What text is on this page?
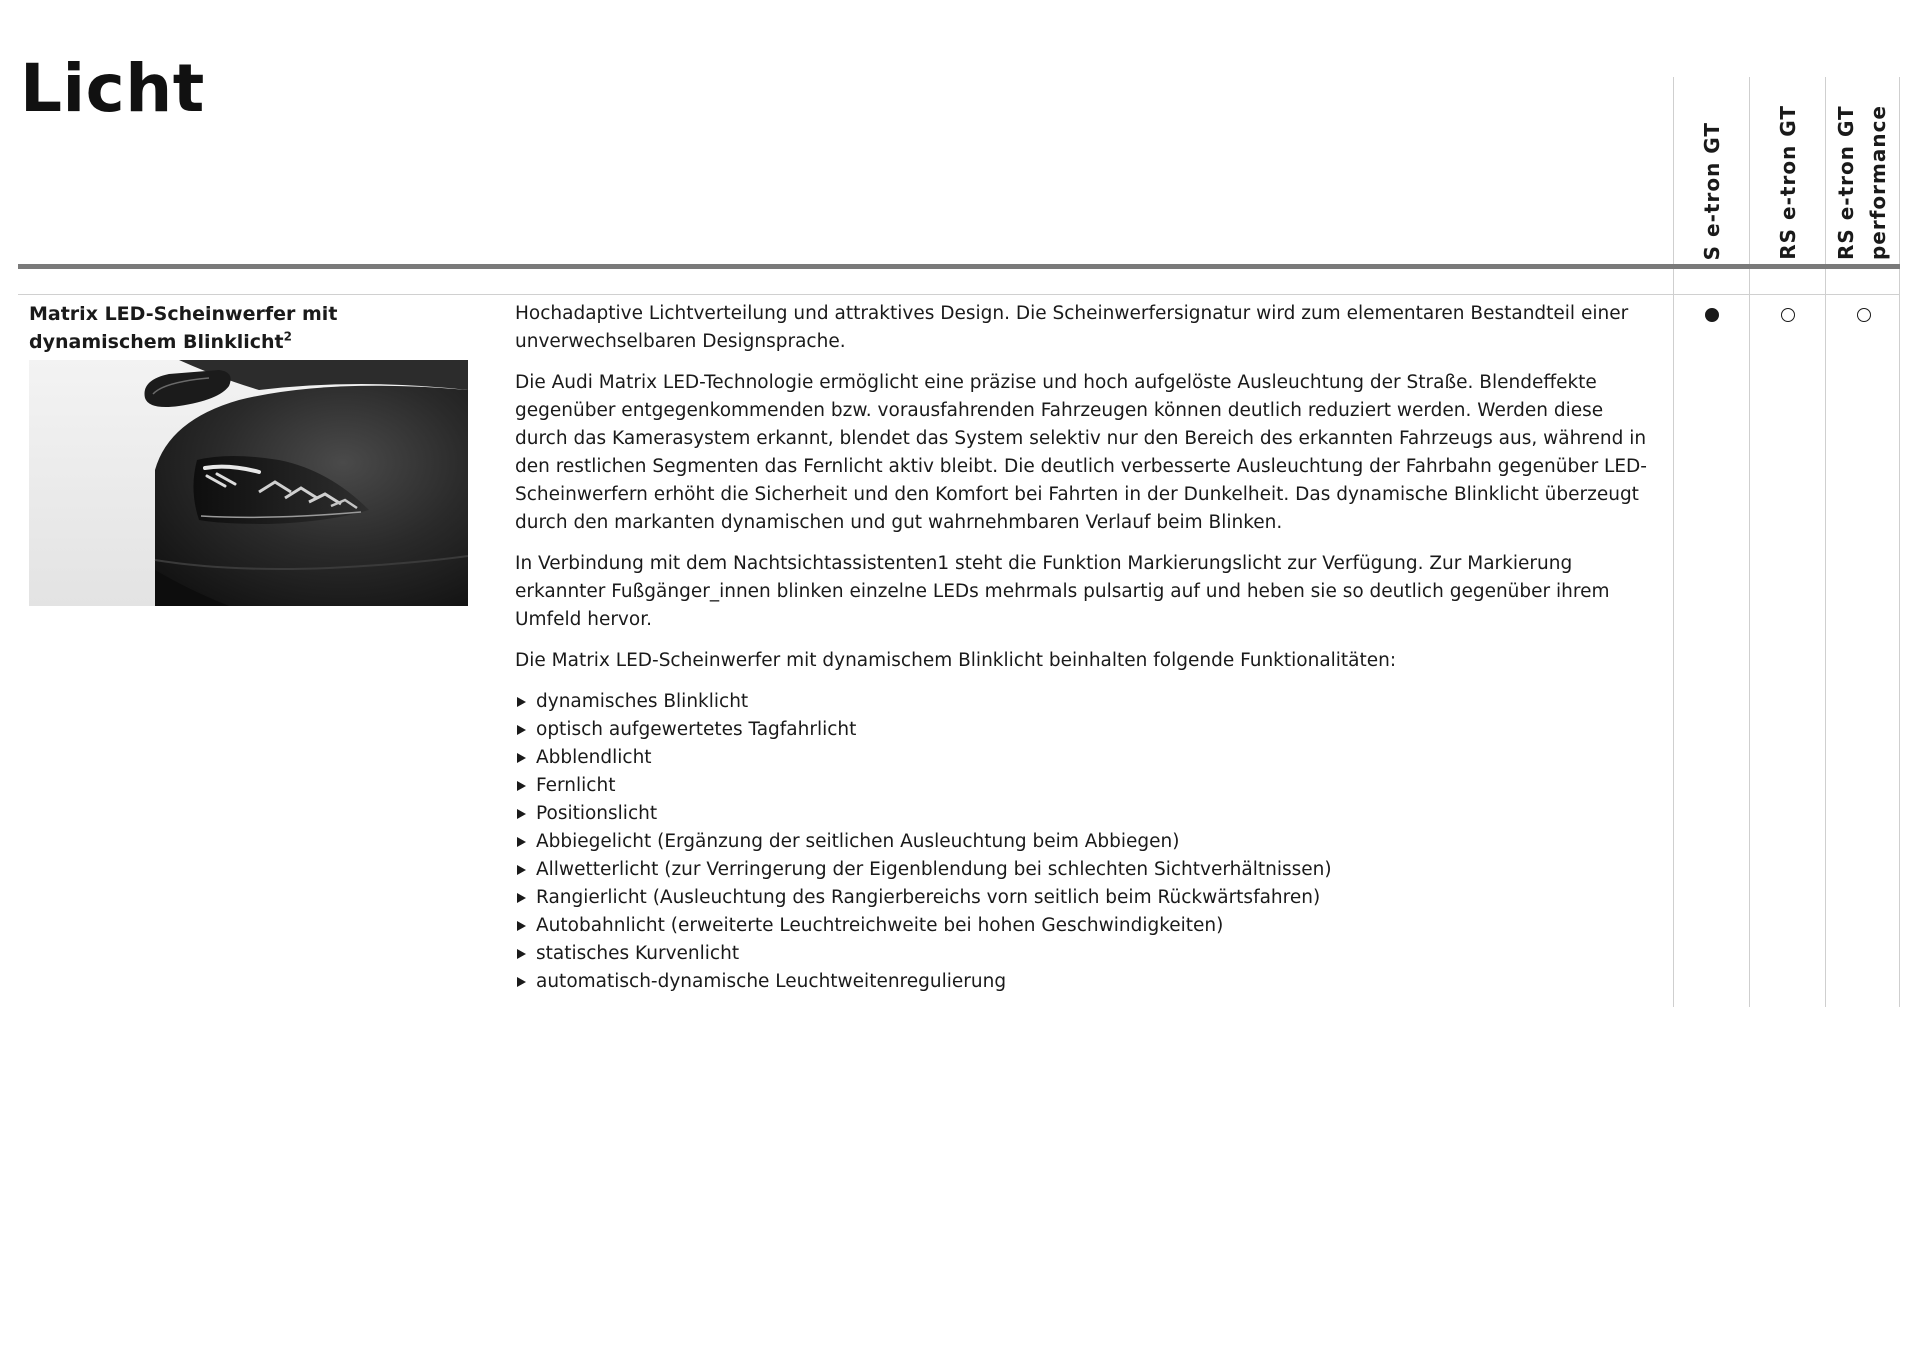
Licht
S e-tron GT	RS e-tron GT RS e-tron GT
performance
Matrix LED-Scheinwerfer mit dynamischem Blinklicht$^2$

Hochadaptive Lichtverteilung und attraktives Design. Die Scheinwerfersignatur wird zum elementaren Bestandteil einer unverwechselbaren Designsprache.

Die Audi Matrix LED-Technologie ermöglicht eine präzise und hoch aufgelöste Ausleuchtung der Straße. Blendeffekte gegenüber entgegenkommenden bzw. vorausfahrenden Fahrzeugen können deutlich reduziert werden. Werden diese durch das Kamerasystem erkannt, blendet das System selektiv nur den Bereich des erkannten Fahrzeugs aus, während in den restlichen Segmenten das Fernlicht aktiv bleibt. Die deutlich verbesserte Ausleuchtung der Fahrbahn gegenüber LED-Scheinwerfern erhöht die Sicherheit und den Komfort bei Fahrten in der Dunkelheit. Das dynamische Blinklicht überzeugt durch den markanten dynamischen und gut wahrnehmbaren Verlauf beim Blinken.

In Verbindung mit dem Nachtsichtassistenten1 steht die Funktion Markierungslicht zur Verfügung. Zur Markierung erkannter Fußgänger_innen blinken einzelne LEDs mehrmals pulsartig auf und heben sie so deutlich gegenüber ihrem Umfeld hervor.

Die Matrix LED-Scheinwerfer mit dynamischem Blinklicht beinhalten folgende Funktionalitäten:

dynamisches Blinklicht
optisch aufgewertetes Tagfahrlicht
Abblendlicht
Fernlicht
Positionslicht
Abbiegelicht (Ergänzung der seitlichen Ausleuchtung beim Abbiegen)
Allwetterlicht (zur Verringerung der Eigenblendung bei schlechten Sichtverhältnissen)
Rangierlicht (Ausleuchtung des Rangierbereichs vorn seitlich beim Rückwärtsfahren)
Autobahnlicht (erweiterte Leuchtreichweite bei hohen Geschwindigkeiten)
statisches Kurvenlicht
automatisch-dynamische Leuchtweitenregulierung
